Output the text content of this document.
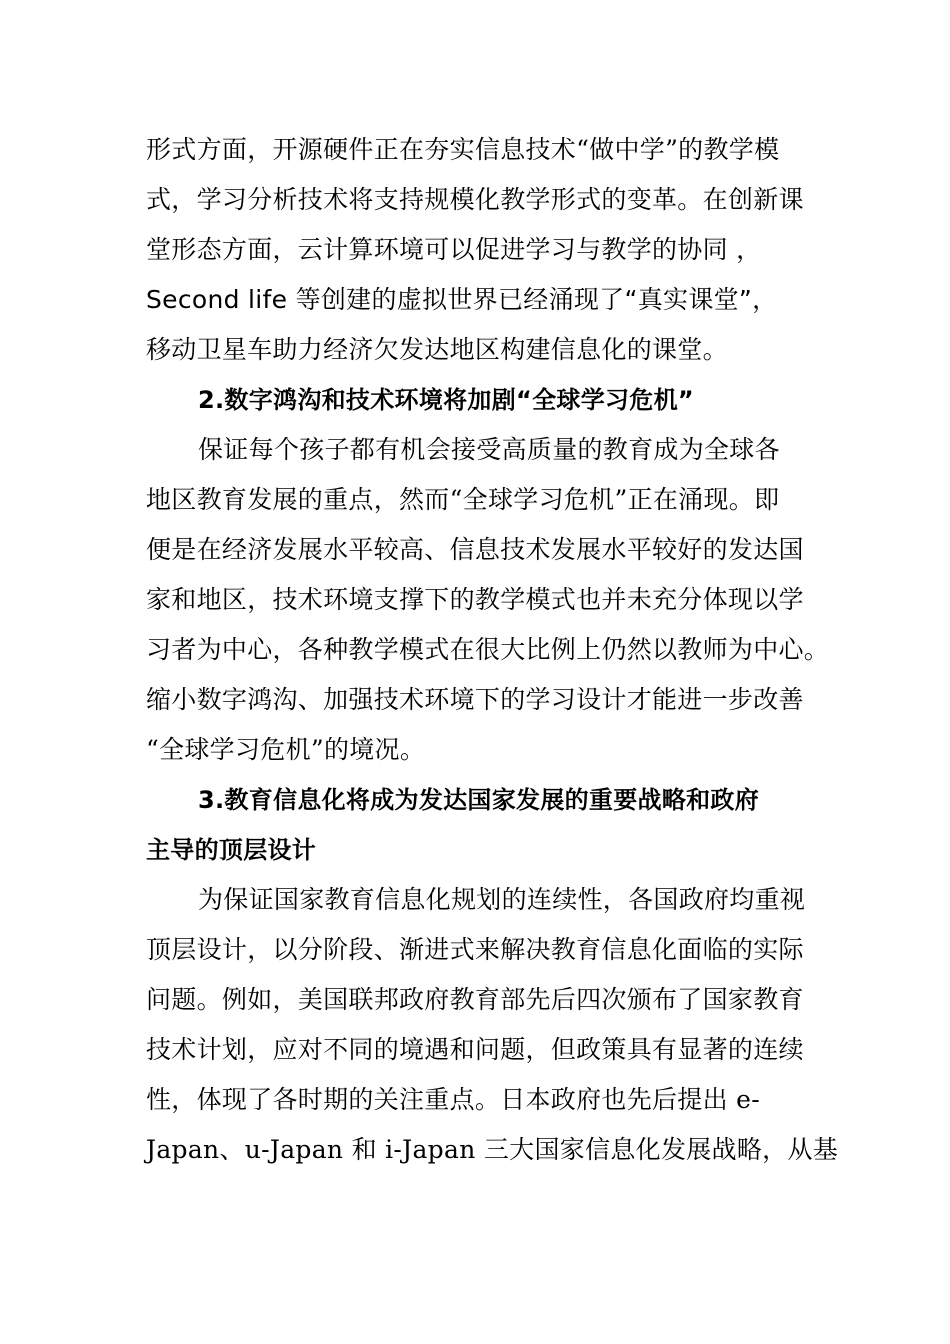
形式方面，开源硬件正在夯实信息技术“做中学”的教学模
式，学习分析技术将支持规模化教学形式的变革。在创新课
堂形态方面，云计算环境可以促进学习与教学的协同 ，
Second life 等创建的虚拟世界已经涌现了“真实课堂”，
移动卫星车助力经济欠发达地区构建信息化的课堂。
2.数字鸿沟和技术环境将加剧“全球学习危机”
保证每个孩子都有机会接受高质量的教育成为全球各
地区教育发展的重点，然而“全球学习危机”正在涌现。即
便是在经济发展水平较高、信息技术发展水平较好的发达国
家和地区，技术环境支撑下的教学模式也并未充分体现以学
习者为中心，各种教学模式在很大比例上仍然以教师为中心。
缩小数字鸿沟、加强技术环境下的学习设计才能进一步改善
“全球学习危机”的境况。
3.教育信息化将成为发达国家发展的重要战略和政府
主导的顶层设计
为保证国家教育信息化规划的连续性，各国政府均重视
顶层设计，以分阶段、渐进式来解决教育信息化面临的实际
问题。例如，美国联邦政府教育部先后四次颁布了国家教育
技术计划，应对不同的境遇和问题，但政策具有显著的连续
性，体现了各时期的关注重点。日本政府也先后提出 e-
Japan、u-Japan 和 i-Japan 三大国家信息化发展战略，从基
